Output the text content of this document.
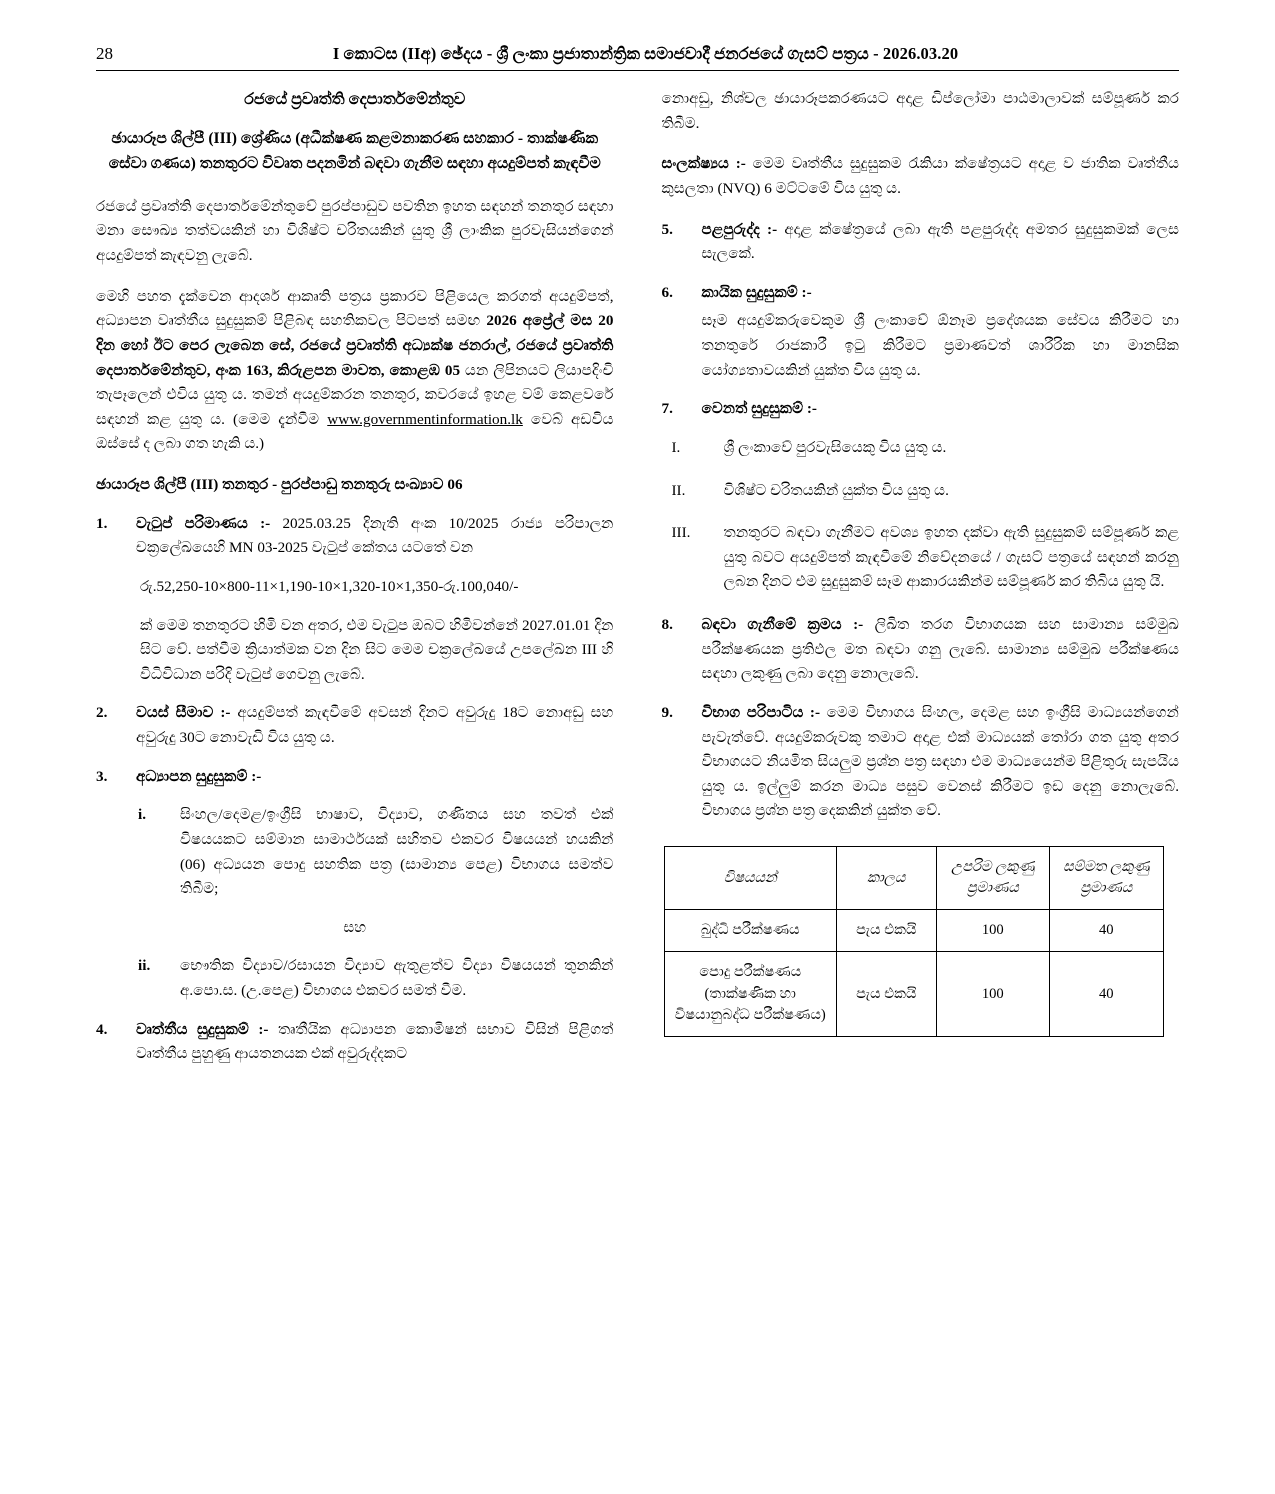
28	I කොටස (IIඅ) ඡේදය - ශ්‍රී ලංකා ප්‍රජාතාන්ත්‍රික සමාජවාදී ජනරජයේ ගැසට් පත්‍රය - 2026.03.20
රජයේ ප්‍රවෘත්ති දෙපාර්තමේන්තුව
ඡායාරූප ශිල්පී (III) ශ්‍රේණිය (අධීක්ෂණ කළමනාකරණ සහකාර - තාක්ෂණික සේවා ගණය) තනතුරට විවෘත පදනමින් බඳවා ගැනීම සඳහා අයදුම්පත් කැඳවීම

රජයේ ප්‍රවෘත්ති දෙපාර්තමේන්තුවේ පුරප්පාඩුව පවතින ඉහත සඳහන් තනතුර සඳහා මනා සෞඛ්‍ය තත්වයකින් හා විශිෂ්ට චරිතයකින් යුතු ශ්‍රී ලාංකික පුරවැසියන්ගෙන් අයදුම්පත් කැඳවනු ලැබේ.

මෙහි පහත දැක්වෙන ආදර්ශ ආකෘති පත්‍රය ප්‍රකාරව පිළියෙල කරගත් අයදුම්පත්, අධ්‍යාපන වෘත්තීය සුදුසුකම් පිළිබඳ සහතිකවල පිටපත් සමඟ 2026 අප්‍රේල් මස 20 දින හෝ ඊට පෙර ලැබෙන සේ, රජයේ ප්‍රවෘත්ති අධ්‍යක්ෂ ජනරාල්, රජයේ ප්‍රවෘත්ති දෙපාර්තමේන්තුව, අංක 163, කිරුළපන මාවත, කොළඹ 05 යන ලිපිනයට ලියාපදිංචි තැපෑලෙන් එවිය යුතු ය. තමන් අයදුම්කරන තනතුර, කවරයේ ඉහළ වම් කෙළවරේ සඳහන් කළ යුතු ය. (මෙම දැන්වීම www.governmentinformation.lk වෙබ් අඩවිය ඔස්සේ ද ලබා ගත හැකි ය.)

ඡායාරූප ශිල්පී (III) තනතුර - පුරප්පාඩු තනතුරු සංඛ්‍යාව 06
1.	වැටුප් පරිමාණය :- 2025.03.25 දිනැති අංක 10/2025 රාජ්‍ය පරිපාලන චක්‍රලේඛයෙහි MN 03-2025 වැටුප් කේතය යටතේ වන
රු.52,250-10×800-11×1,190-10×1,320-10×1,350-රු.100,040/-
ක් මෙම තනතුරට හිමි වන අතර, එම වැටුප ඔබට හිමිවන්නේ 2027.01.01 දින සිට වේ. පත්වීම ක්‍රියාත්මක වන දින සිට මෙම චක්‍රලේඛයේ උපලේඛන III හි විධිවිධාන පරිදි වැටුප් ගෙවනු ලැබේ.
2.	වයස් සීමාව :- අයදුම්පත් කැඳවීමේ අවසන් දිනට අවුරුදු 18ට නොඅඩු සහ අවුරුදු 30ට නොවැඩි විය යුතු ය.
3.	අධ්‍යාපන සුදුසුකම් :-
i.	සිංහල/දෙමළ/ඉංග්‍රීසි භාෂාව, විද්‍යාව, ගණිතය සහ තවත් එක් විෂයයකට සම්මාන සාමාර්ථයක් සහිතව එකවර විෂයයන් හයකින් (06) අධ්‍යයන පොදු සහතික පත්‍ර (සාමාන්‍ය පෙළ) විභාගය සමත්ව තිබීම;
සහ
ii.	භෞතික විද්‍යාව/රසායන විද්‍යාව ඇතුළත්ව විද්‍යා විෂයයන් තුනකින් අ.පො.ස. (උ.පෙළ) විභාගය එකවර සමත් වීම.
4.	වෘත්තීය සුදුසුකම් :- තෘතීයික අධ්‍යාපන කොමිෂන් සභාව විසින් පිළිගත් වෘත්තීය පුහුණු ආයතනයක එක් අවුරුද්දකට

නොඅඩු, නිශ්චල ඡායාරූපකරණයට අදාළ ඩිප්ලෝමා පාඨමාලාවක් සම්පූර්ණ කර තිබීම.

සංලක්ෂ්‍යය :- මෙම වෘත්තීය සුදුසුකම රැකියා ක්ෂේත්‍රයට අදාළ ව ජාතික වෘත්තීය කුසලතා (NVQ) 6 මට්ටමේ විය යුතු ය.

5.	පළපුරුද්ද :- අදාළ ක්ෂේත්‍රයේ ලබා ඇති පළපුරුද්ද අමතර සුදුසුකමක් ලෙස සැලකේ.
6.	කායික සුදුසුකම් :-
සෑම අයදුම්කරුවෙකුම ශ්‍රී ලංකාවේ ඕනෑම ප්‍රදේශයක සේවය කිරීමට හා තනතුරේ රාජකාරී ඉටු කිරීමට ප්‍රමාණවත් ශාරීරික හා මානසික යෝග්‍යතාවයකින් යුක්ත විය යුතු ය.
7.	වෙනත් සුදුසුකම් :-
I.	ශ්‍රී ලංකාවේ පුරවැසියෙකු විය යුතු ය.
II.	විශිෂ්ට චරිතයකින් යුක්ත විය යුතු ය.
III.	තනතුරට බඳවා ගැනීමට අවශ්‍ය ඉහත දක්වා ඇති සුදුසුකම් සම්පූර්ණ කළ යුතු බවට අයදුම්පත් කැඳවීමේ නිවේදනයේ / ගැසට් පත්‍රයේ සඳහන් කරනු ලබන දිනට එම සුදුසුකම් සෑම ආකාරයකින්ම සම්පූර්ණ කර තිබිය යුතු යි.
8.	බඳවා ගැනීමේ ක්‍රමය :- ලිඛිත තරග විභාගයක සහ සාමාන්‍ය සම්මුඛ පරීක්ෂණයක ප්‍රතිඵල මත බඳවා ගනු ලැබේ. සාමාන්‍ය සම්මුඛ පරීක්ෂණය සඳහා ලකුණු ලබා දෙනු නොලැබේ.
9.	විභාග පරිපාටිය :- මෙම විභාගය සිංහල, දෙමළ සහ ඉංග්‍රීසි මාධ්‍යයන්ගෙන් පැවැත්වේ. අයදුම්කරුවකු තමාට අදාළ එක් මාධ්‍යයක් තෝරා ගත යුතු අතර විභාගයට නියමිත සියලුම ප්‍රශ්න පත්‍ර සඳහා එම මාධ්‍යයෙන්ම පිළිතුරු සැපයිය යුතු ය. ඉල්ලුම් කරන මාධ්‍ය පසුව වෙනස් කිරීමට ඉඩ දෙනු නොලැබේ. විභාගය ප්‍රශ්න පත්‍ර දෙකකින් යුක්ත වේ.
විෂයයන්	කාලය	උපරිම ලකුණු ප්‍රමාණය	සම්මත ලකුණු ප්‍රමාණය
බුද්ධි පරීක්ෂණය	පැය එකයි	100	40
පොදු පරීක්ෂණය (තාක්ෂණික හා විෂයානුබද්ධ පරීක්ෂණය)	පැය එකයි	100	40
